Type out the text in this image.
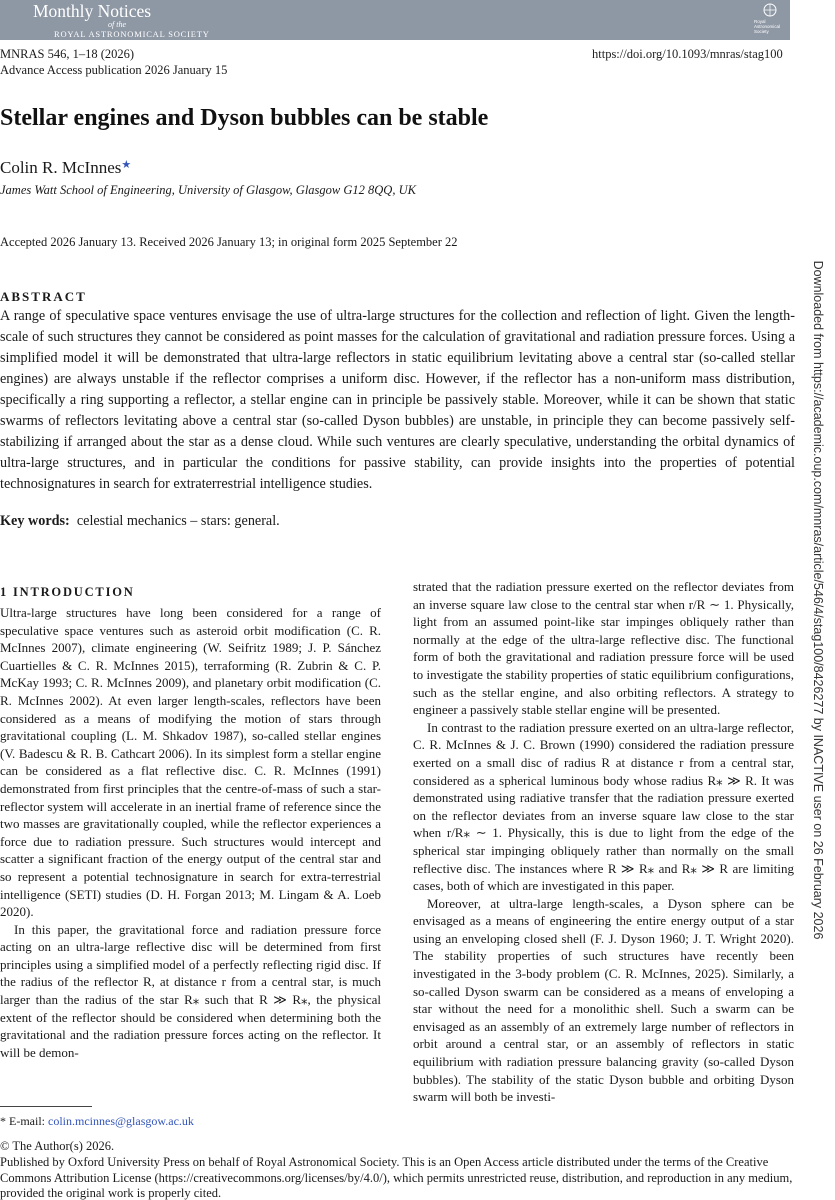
Monthly Notices
of the
ROYAL ASTRONOMICAL SOCIETY
Royal Astronomical Society
MNRAS 546, 1–18 (2026)
Advance Access publication 2026 January 15
https://doi.org/10.1093/mnras/stag100
Stellar engines and Dyson bubbles can be stable
Colin R. McInnes★
James Watt School of Engineering, University of Glasgow, Glasgow G12 8QQ, UK
Accepted 2026 January 13. Received 2026 January 13; in original form 2025 September 22
ABSTRACT
A range of speculative space ventures envisage the use of ultra-large structures for the collection and reflection of light. Given the length-scale of such structures they cannot be considered as point masses for the calculation of gravitational and radiation pressure forces. Using a simplified model it will be demonstrated that ultra-large reflectors in static equilibrium levitating above a central star (so-called stellar engines) are always unstable if the reflector comprises a uniform disc. However, if the reflector has a non-uniform mass distribution, specifically a ring supporting a reflector, a stellar engine can in principle be passively stable. Moreover, while it can be shown that static swarms of reflectors levitating above a central star (so-called Dyson bubbles) are unstable, in principle they can become passively self-stabilizing if arranged about the star as a dense cloud. While such ventures are clearly speculative, understanding the orbital dynamics of ultra-large structures, and in particular the conditions for passive stability, can provide insights into the properties of potential technosignatures in search for extraterrestrial intelligence studies.
Key words: celestial mechanics – stars: general.
1 INTRODUCTION

Ultra-large structures have long been considered for a range of speculative space ventures such as asteroid orbit modification (C. R. McInnes 2007), climate engineering (W. Seifritz 1989; J. P. Sánchez Cuartielles & C. R. McInnes 2015), terraforming (R. Zubrin & C. P. McKay 1993; C. R. McInnes 2009), and planetary orbit modification (C. R. McInnes 2002). At even larger length-scales, reflectors have been considered as a means of modifying the motion of stars through gravitational coupling (L. M. Shkadov 1987), so-called stellar engines (V. Badescu & R. B. Cathcart 2006). In its simplest form a stellar engine can be considered as a flat reflective disc. C. R. McInnes (1991) demonstrated from first principles that the centre-of-mass of such a star-reflector system will accelerate in an inertial frame of reference since the two masses are gravitationally coupled, while the reflector experiences a force due to radiation pressure. Such structures would intercept and scatter a significant fraction of the energy output of the central star and so represent a potential technosignature in search for extra-terrestrial intelligence (SETI) studies (D. H. Forgan 2013; M. Lingam & A. Loeb 2020).

In this paper, the gravitational force and radiation pressure force acting on an ultra-large reflective disc will be determined from first principles using a simplified model of a perfectly reflecting rigid disc. If the radius of the reflector R, at distance r from a central star, is much larger than the radius of the star R⁎ such that R ≫ R⁎, the physical extent of the reflector should be considered when determining both the gravitational and the radiation pressure forces acting on the reflector. It will be demon-

strated that the radiation pressure exerted on the reflector deviates from an inverse square law close to the central star when r/R ∼ 1. Physically, light from an assumed point-like star impinges obliquely rather than normally at the edge of the ultra-large reflective disc. The functional form of both the gravitational and radiation pressure force will be used to investigate the stability properties of static equilibrium configurations, such as the stellar engine, and also orbiting reflectors. A strategy to engineer a passively stable stellar engine will be presented.

In contrast to the radiation pressure exerted on an ultra-large reflector, C. R. McInnes & J. C. Brown (1990) considered the radiation pressure exerted on a small disc of radius R at distance r from a central star, considered as a spherical luminous body whose radius R⁎ ≫ R. It was demonstrated using radiative transfer that the radiation pressure exerted on the reflector deviates from an inverse square law close to the star when r/R⁎ ∼ 1. Physically, this is due to light from the edge of the spherical star impinging obliquely rather than normally on the small reflective disc. The instances where R ≫ R⁎ and R⁎ ≫ R are limiting cases, both of which are investigated in this paper.

Moreover, at ultra-large length-scales, a Dyson sphere can be envisaged as a means of engineering the entire energy output of a star using an enveloping closed shell (F. J. Dyson 1960; J. T. Wright 2020). The stability properties of such structures have recently been investigated in the 3-body problem (C. R. McInnes, 2025). Similarly, a so-called Dyson swarm can be considered as a means of enveloping a star without the need for a monolithic shell. Such a swarm can be envisaged as an assembly of an extremely large number of reflectors in orbit around a central star, or an assembly of reflectors in static equilibrium with radiation pressure balancing gravity (so-called Dyson bubbles). The stability of the static Dyson bubble and orbiting Dyson swarm will both be investi-

* E-mail: colin.mcinnes@glasgow.ac.uk
© The Author(s) 2026.
Published by Oxford University Press on behalf of Royal Astronomical Society. This is an Open Access article distributed under the terms of the Creative Commons Attribution License (https://creativecommons.org/licenses/by/4.0/), which permits unrestricted reuse, distribution, and reproduction in any medium, provided the original work is properly cited.
Downloaded from https://academic.oup.com/mnras/article/546/4/stag100/8426277 by INACTIVE user on 26 February 2026
